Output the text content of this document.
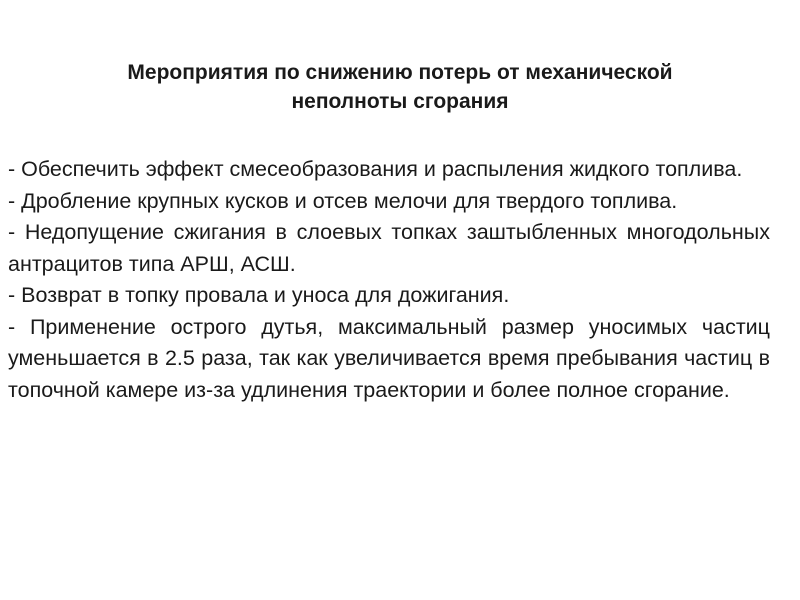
Мероприятия по снижению потерь от механической
неполноты сгорания
- Обеспечить эффект смесеобразования и распыления жидкого топлива.
- Дробление крупных кусков и отсев мелочи для твердого топлива.
- Недопущение сжигания в слоевых топках заштыбленных многодольных антрацитов типа АРШ, АСШ.
- Возврат в топку провала и уноса для дожигания.
- Применение острого дутья, максимальный размер уносимых частиц уменьшается в 2.5 раза, так как увеличивается время пребывания частиц в топочной камере из-за удлинения траектории и более полное сгорание.
